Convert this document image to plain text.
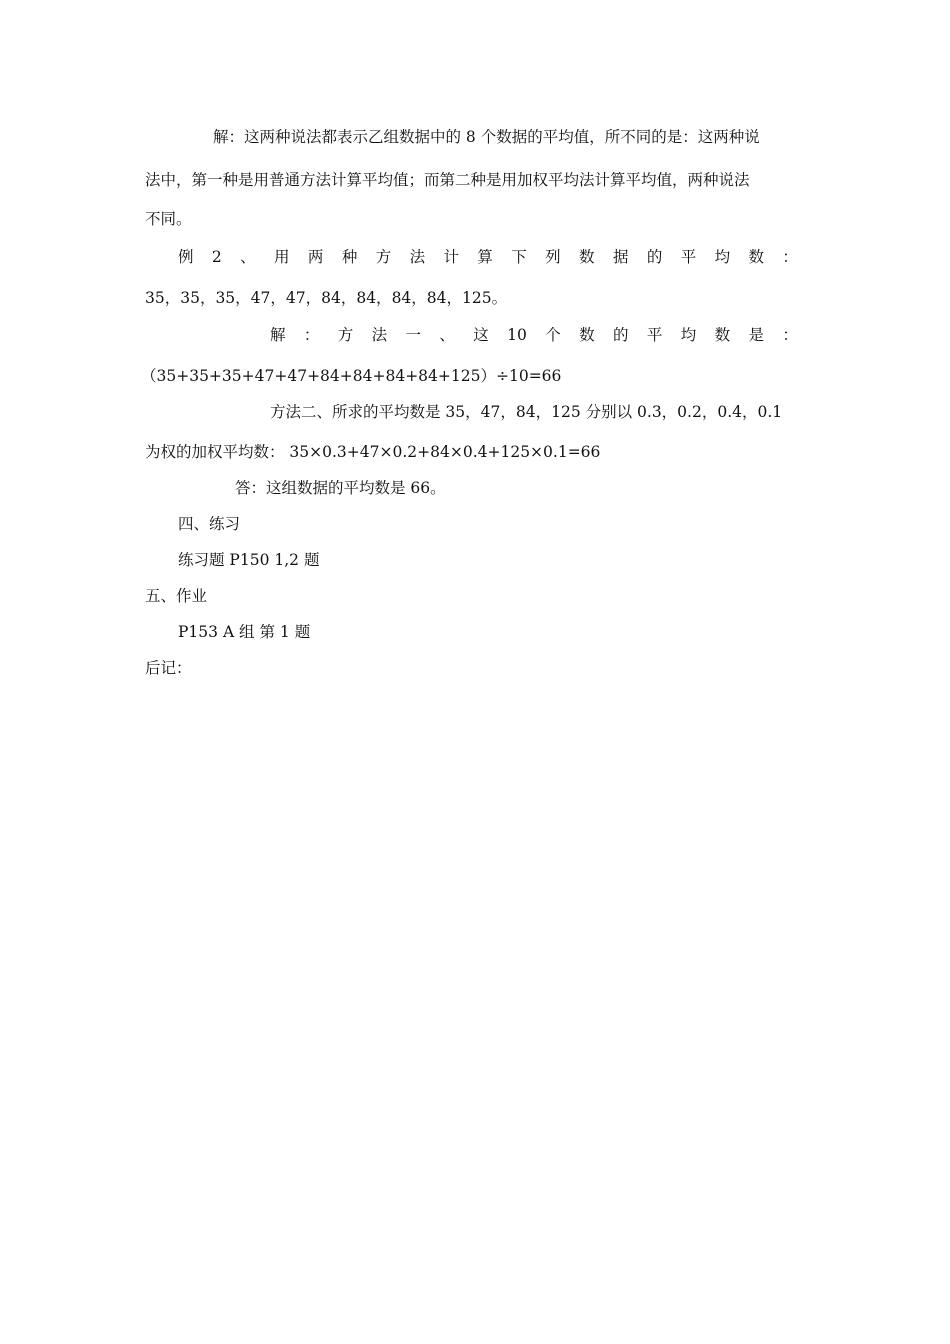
解：这两种说法都表示乙组数据中的 8 个数据的平均值，所不同的是：这两种说
法中，第一种是用普通方法计算平均值；而第二种是用加权平均法计算平均值，两种说法
不同。
例 2 、 用 两 种 方 法 计 算 下 列 数 据 的 平 均 数 ：
35，35，35，47，47，84，84，84，84，125。
解 ： 方 法 一 、 这 10 个 数 的 平 均 数 是 ：
（35+35+35+47+47+84+84+84+84+125）÷10=66
方法二、所求的平均数是 35，47，84，125 分别以 0.3，0.2，0.4，0.1
为权的加权平均数： 35×0.3+47×0.2+84×0.4+125×0.1=66
答：这组数据的平均数是 66。
四、练习
练习题 P150 1,2 题
五、作业
P153 A 组 第 1 题
后记：
